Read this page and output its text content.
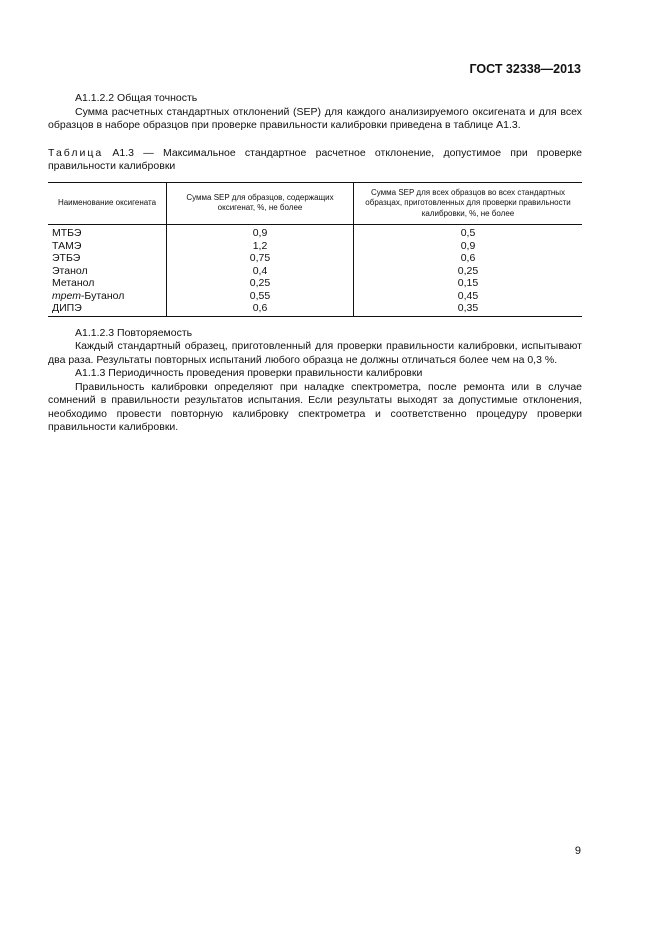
ГОСТ 32338—2013

А1.1.2.2 Общая точность

Сумма расчетных стандартных отклонений (SEP) для каждого анализируемого оксигената и для всех образцов в наборе образцов при проверке правильности калибровки приведена в таблице А1.3.

Таблица А1.3 — Максимальное стандартное расчетное отклонение, допустимое при проверке правильности калибровки

Наименование оксигената	Сумма SEP для образцов, содержащих оксигенат, %, не более	Сумма SEP для всех образцов во всех стандартных образцах, приготовленных для проверки правильности калибровки, %, не более
МТБЭ	0,9	0,5
ТАМЭ	1,2	0,9
ЭТБЭ	0,75	0,6
Этанол	0,4	0,25
Метанол	0,25	0,15
трет-Бутанол	0,55	0,45
ДИПЭ	0,6	0,35

А1.1.2.3 Повторяемость

Каждый стандартный образец, приготовленный для проверки правильности калибровки, испытывают два раза. Результаты повторных испытаний любого образца не должны отличаться более чем на 0,3 %.

А1.1.3 Периодичность проведения проверки правильности калибровки

Правильность калибровки определяют при наладке спектрометра, после ремонта или в случае сомнений в правильности результатов испытания. Если результаты выходят за допустимые отклонения, необходимо провести повторную калибровку спектрометра и соответственно процедуру проверки правильности калибровки.

9
